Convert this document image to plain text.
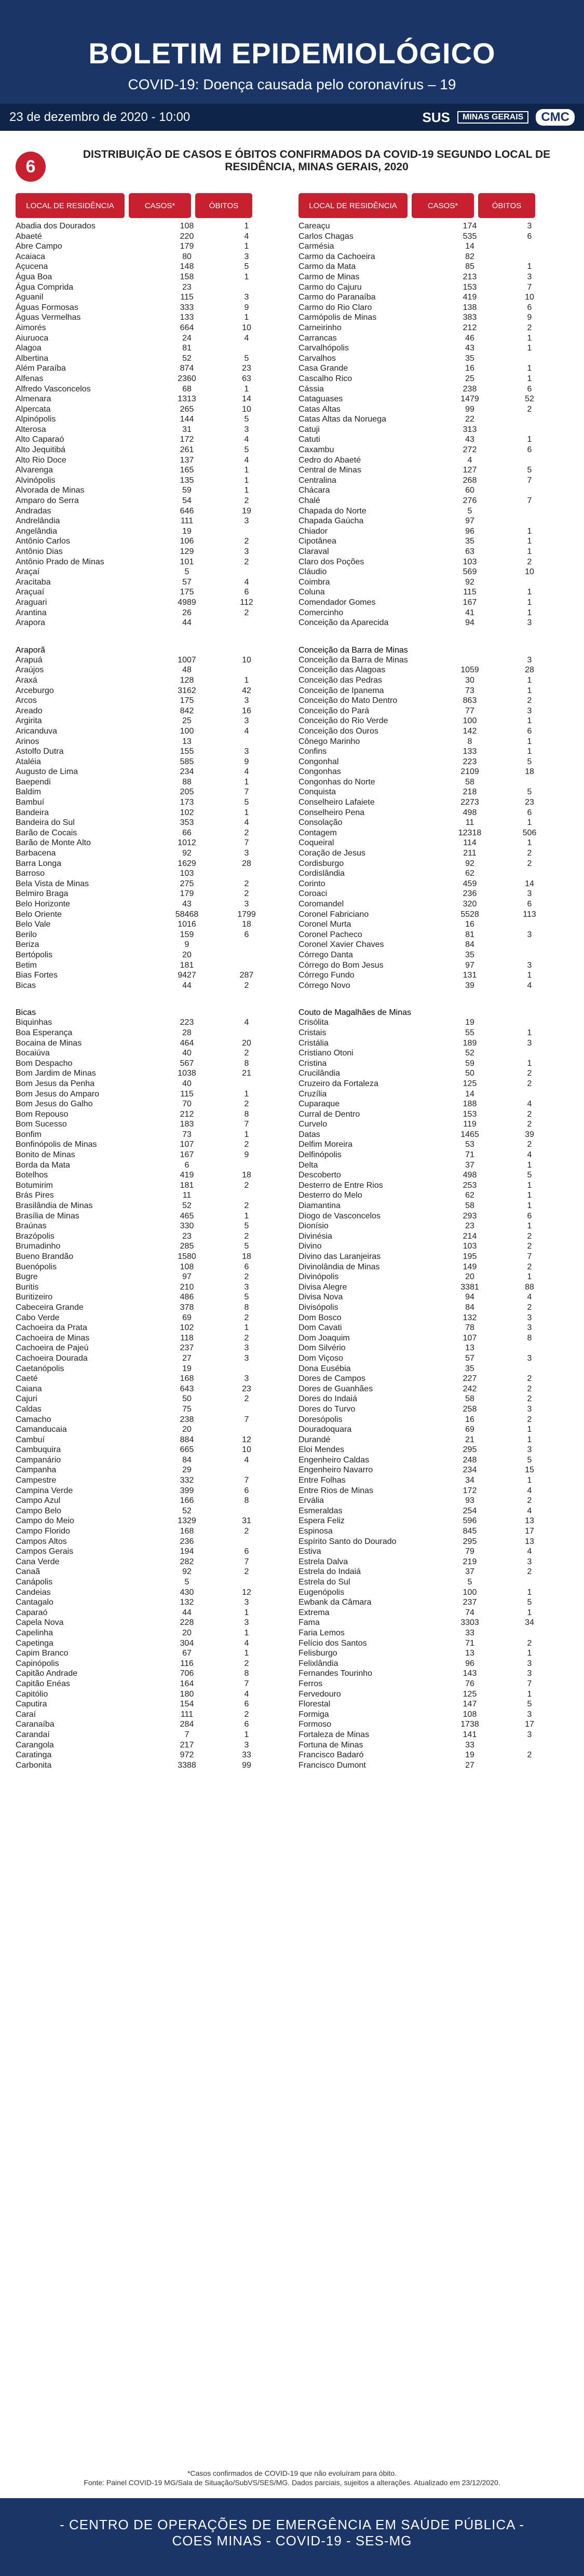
BOLETIM EPIDEMIOLÓGICO
COVID-19: Doença causada pelo coronavírus – 19
23 de dezembro de 2020 - 10:00	SUS	MINAS GERAIS	CMC
6
DISTRIBUIÇÃO DE CASOS E ÓBITOS CONFIRMADOS DA COVID-19 SEGUNDO LOCAL DE RESIDÊNCIA, MINAS GERAIS, 2020
LOCAL DE RESIDÊNCIA	CASOS*	ÓBITOS
Abadia dos Dourados	108	1
Abaeté	220	4
Abre Campo	179	1
Acaiaca	80	3
Açucena	148	5
Água Boa	158	1
Água Comprida	23
Aguanil	115	3
Águas Formosas	333	9
Águas Vermelhas	133	1
Aimorés	664	10
Aiuruoca	24	4
Alagoa	81
Albertina	52	5
Além Paraíba	874	23
Alfenas	2360	63
Alfredo Vasconcelos	68	1
Almenara	1313	14
Alpercata	265	10
Alpinópolis	144	5
Alterosa	31	3
Alto Caparaó	172	4
Alto Jequitibá	261	5
Alto Rio Doce	137	4
Alvarenga	165	1
Alvinópolis	135	1
Alvorada de Minas	59	1
Amparo do Serra	54	2
Andradas	646	19
Andrelândia	111	3
Angelândia	19
Antônio Carlos	106	2
Antônio Dias	129	3
Antônio Prado de Minas	101	2
Araçaí	5
Aracitaba	57	4
Araçuaí	175	6
Araguari	4989	112
Arantina	26	2
Arapora	44
Araporã
Arapuá	1007	10
Araújos	48
Araxá	128	1
Arceburgo	3162	42
Arcos	175	3
Areado	842	16
Argirita	25	3
Aricanduva	100	4
Arinos	13
Astolfo Dutra	155	3
Ataléia	585	9
Augusto de Lima	234	4
Baependi	88	1
Baldim	205	7
Bambuí	173	5
Bandeira	102	1
Bandeira do Sul	353	4
Barão de Cocais	66	2
Barão de Monte Alto	1012	7
Barbacena	92	3
Barra Longa	1629	28
Barroso	103
Bela Vista de Minas	275	2
Belmiro Braga	179	2
Belo Horizonte	43	3
Belo Oriente	58468	1799
Belo Vale	1016	18
Berilo	159	6
Beriza	9
Bertópolis	20
Betim	181
Bias Fortes	9427	287
Bicas	44	2
Bicas
Biquinhas	223	4
Boa Esperança	28
Bocaina de Minas	464	20
Bocaiúva	40	2
Bom Despacho	567	8
Bom Jardim de Minas	1038	21
Bom Jesus da Penha	40
Bom Jesus do Amparo	115	1
Bom Jesus do Galho	70	2
Bom Repouso	212	8
Bom Sucesso	183	7
Bonfim	73	1
Bonfinópolis de Minas	107	2
Bonito de Minas	167	9
Borda da Mata	6
Botelhos	419	18
Botumirim	181	2
Brás Pires	11
Brasilândia de Minas	52	2
Brasília de Minas	465	1
Braúnas	330	5
Brazópolis	23	2
Brumadinho	285	5
Bueno Brandão	1580	18
Buenópolis	108	6
Bugre	97	2
Buritis	210	3
Buritizeiro	486	5
Cabeceira Grande	378	8
Cabo Verde	69	2
Cachoeira da Prata	102	1
Cachoeira de Minas	118	2
Cachoeira de Pajeú	237	3
Cachoeira Dourada	27	3
Caetanópolis	19
Caeté	168	3
Caiana	643	23
Cajuri	50	2
Caldas	75
Camacho	238	7
Camanducaia	20
Cambuí	884	12
Cambuquira	665	10
Campanário	84	4
Campanha	29
Campestre	332	7
Campina Verde	399	6
Campo Azul	166	8
Campo Belo	52
Campo do Meio	1329	31
Campo Florido	168	2
Campos Altos	236
Campos Gerais	194	6
Cana Verde	282	7
Canaã	92	2
Canápolis	5
Candeias	430	12
Cantagalo	132	3
Caparaó	44	1
Capela Nova	228	3
Capelinha	20	1
Capetinga	304	4
Capim Branco	67	1
Capinópolis	116	2
Capitão Andrade	706	8
Capitão Enéas	164	7
Capitólio	180	4
Caputira	154	6
Caraí	111	2
Caranaíba	284	6
Carandaí	7	1
Carangola	217	3
Caratinga	972	33
Carbonita	3388	99
LOCAL DE RESIDÊNCIA	CASOS*	ÓBITOS
Careaçu	174	3
Carlos Chagas	535	6
Carmésia	14
Carmo da Cachoeira	82
Carmo da Mata	85	1
Carmo de Minas	213	3
Carmo do Cajuru	153	7
Carmo do Paranaíba	419	10
Carmo do Rio Claro	138	6
Carmópolis de Minas	383	9
Carneirinho	212	2
Carrancas	46	1
Carvalhópolis	43	1
Carvalhos	35
Casa Grande	16	1
Cascalho Rico	25	1
Cássia	238	6
Cataguases	1479	52
Catas Altas	99	2
Catas Altas da Noruega	22
Catuji	313
Catuti	43	1
Caxambu	272	6
Cedro do Abaeté	4
Central de Minas	127	5
Centralina	268	7
Chácara	60
Chalé	276	7
Chapada do Norte	5
Chapada Gaúcha	97
Chiador	96	1
Cipotânea	35	1
Claraval	63	1
Claro dos Poções	103	2
Cláudio	569	10
Coimbra	92
Coluna	115	1
Comendador Gomes	167	1
Comercinho	41	1
Conceição da Aparecida	94	3
Conceição da Barra de Minas
Conceição da Barra de Minas	3
Conceição das Alagoas	1059	28
Conceição das Pedras	30	1
Conceição de Ipanema	73	1
Conceição do Mato Dentro	863	2
Conceição do Pará	77	3
Conceição do Rio Verde	100	1
Conceição dos Ouros	142	6
Cônego Marinho	8	1
Confins	133	1
Congonhal	223	5
Congonhas	2109	18
Congonhas do Norte	58
Conquista	218	5
Conselheiro Lafaiete	2273	23
Conselheiro Pena	498	6
Consolação	11	1
Contagem	12318	506
Coqueiral	114	1
Coração de Jesus	211	2
Cordisburgo	92	2
Cordislândia	62
Corinto	459	14
Coroaci	236	3
Coromandel	320	6
Coronel Fabriciano	5528	113
Coronel Murta	16
Coronel Pacheco	81	3
Coronel Xavier Chaves	84
Córrego Danta	35
Córrego do Bom Jesus	97	3
Córrego Fundo	131	1
Córrego Novo	39	4
Couto de Magalhães de Minas
Crisólita	19
Cristais	55	1
Cristália	189	3
Cristiano Otoni	52
Cristina	59	1
Crucilândia	50	2
Cruzeiro da Fortaleza	125	2
Cruzília	14
Cuparaque	188	4
Curral de Dentro	153	2
Curvelo	119	2
Datas	1465	39
Delfim Moreira	53	2
Delfinópolis	71	4
Delta	37	1
Descoberto	498	5
Desterro de Entre Rios	253	1
Desterro do Melo	62	1
Diamantina	58	1
Diogo de Vasconcelos	293	6
Dionísio	23	1
Divinésia	214	2
Divino	103	2
Divino das Laranjeiras	195	7
Divinolândia de Minas	149	2
Divinópolis	20	1
Divisa Alegre	3381	88
Divisa Nova	94	4
Divisópolis	84	2
Dom Bosco	132	3
Dom Cavati	78	3
Dom Joaquim	107	8
Dom Silvério	13
Dom Viçoso	57	3
Dona Eusébia	35
Dores de Campos	227	2
Dores de Guanhães	242	2
Dores do Indaiá	58	2
Dores do Turvo	258	3
Doresópolis	16	2
Douradoquara	69	1
Durandé	21	1
Eloi Mendes	295	3
Engenheiro Caldas	248	5
Engenheiro Navarro	234	15
Entre Folhas	34	1
Entre Rios de Minas	172	4
Ervália	93	2
Esmeraldas	254	4
Espera Feliz	596	13
Espinosa	845	17
Espírito Santo do Dourado	295	13
Estiva	79	4
Estrela Dalva	219	3
Estrela do Indaiá	37	2
Estrela do Sul	5
Eugenópolis	100	1
Ewbank da Câmara	237	5
Extrema	74	1
Fama	3303	34
Faria Lemos	33
Felício dos Santos	71	2
Felisburgo	13	1
Felixlândia	96	3
Fernandes Tourinho	143	3
Ferros	76	7
Fervedouro	125	1
Florestal	147	5
Formiga	108	3
Formoso	1738	17
Fortaleza de Minas	141	3
Fortuna de Minas	33
Francisco Badaró	19	2
Francisco Dumont	27
*Casos confirmados de COVID-19 que não evoluíram para óbito.
Fonte: Painel COVID-19 MG/Sala de Situação/SubVS/SES/MG. Dados parciais, sujeitos a alterações. Atualizado em 23/12/2020.
- CENTRO DE OPERAÇÕES DE EMERGÊNCIA EM SAÚDE PÚBLICA -
COES MINAS - COVID-19 - SES-MG
